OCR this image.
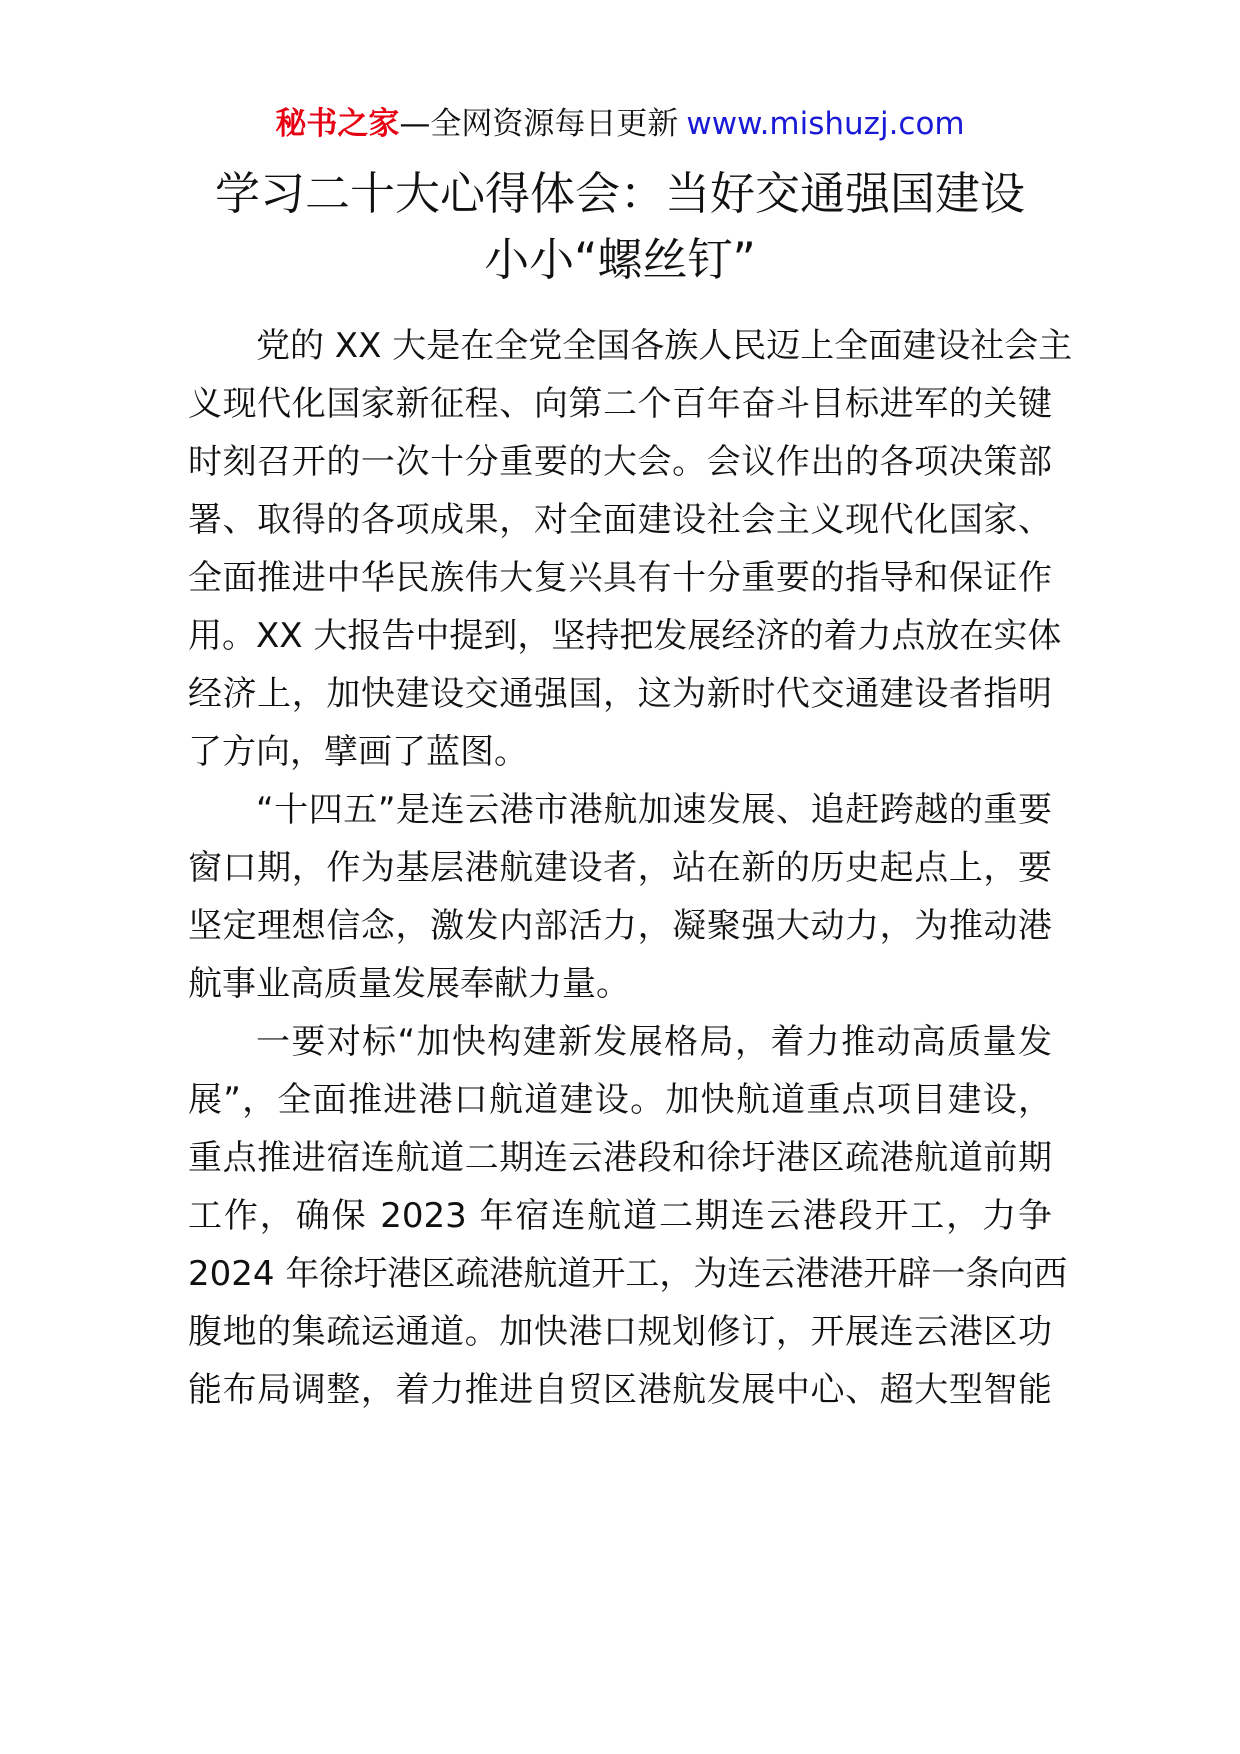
秘书之家—全网资源每日更新 www.mishuzj.com
学习二十大心得体会：当好交通强国建设
小小“螺丝钉”
党的 XX 大是在全党全国各族人民迈上全面建设社会主
义现代化国家新征程、向第二个百年奋斗目标进军的关键
时刻召开的一次十分重要的大会。会议作出的各项决策部
署、取得的各项成果，对全面建设社会主义现代化国家、
全面推进中华民族伟大复兴具有十分重要的指导和保证作
用。XX 大报告中提到，坚持把发展经济的着力点放在实体
经济上，加快建设交通强国，这为新时代交通建设者指明
了方向，擘画了蓝图。
“十四五”是连云港市港航加速发展、追赶跨越的重要
窗口期，作为基层港航建设者，站在新的历史起点上，要
坚定理想信念，激发内部活力，凝聚强大动力，为推动港
航事业高质量发展奉献力量。
一要对标“加快构建新发展格局，着力推动高质量发
展”，全面推进港口航道建设。加快航道重点项目建设，
重点推进宿连航道二期连云港段和徐圩港区疏港航道前期
工作，确保 2023 年宿连航道二期连云港段开工，力争
2024 年徐圩港区疏港航道开工，为连云港港开辟一条向西
腹地的集疏运通道。加快港口规划修订，开展连云港区功
能布局调整，着力推进自贸区港航发展中心、超大型智能
